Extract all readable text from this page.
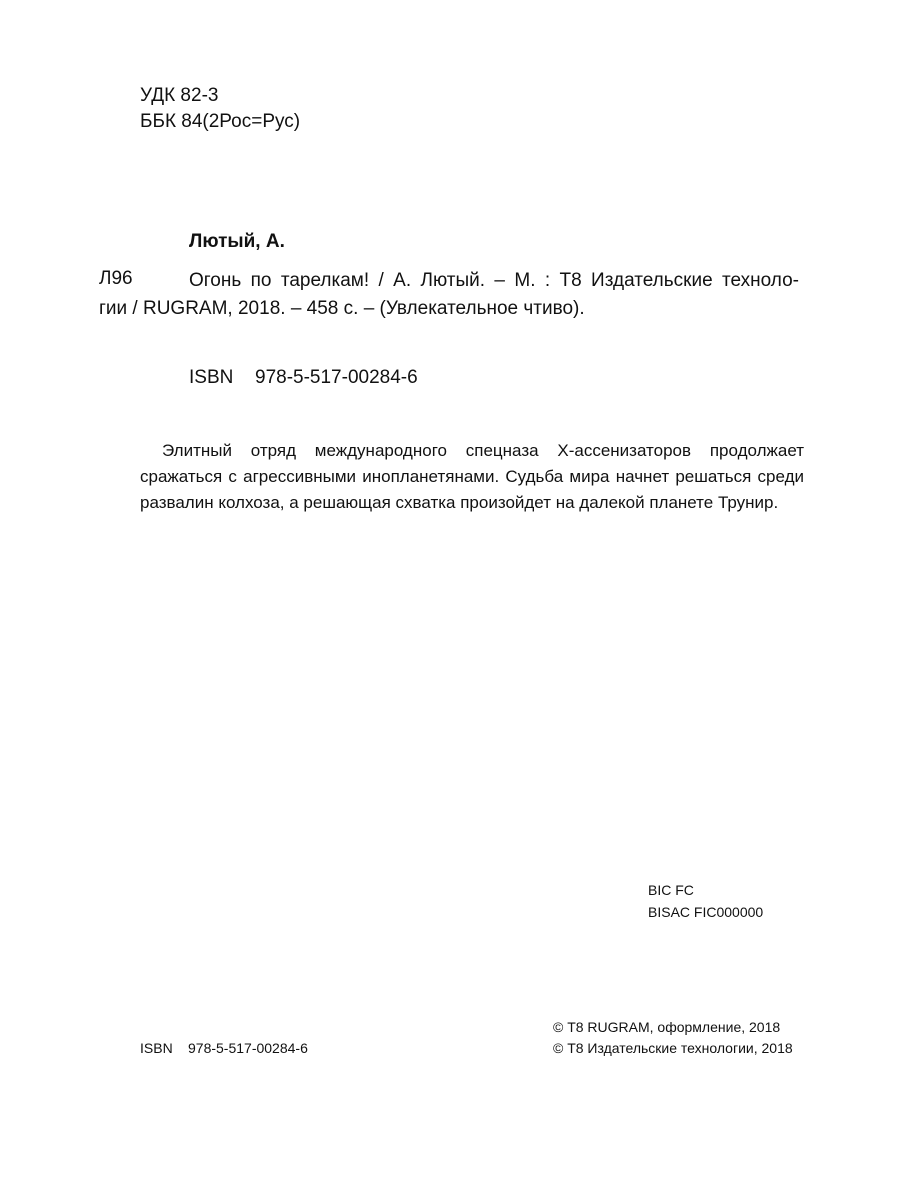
УДК 82-3
ББК 84(2Рос=Рус)
Лютый, А.
Л96	Огонь по тарелкам! / А. Лютый. – М. : Т8 Издательские техноло-
гии / RUGRAM, 2018. – 458 с. – (Увлекательное чтиво).
ISBN 978-5-517-00284-6
Элитный отряд международного спецназа Х-ассенизаторов продолжает сражаться с агрессивными инопланетянами. Судьба мира начнет решаться среди развалин колхоза, а решающая схватка произойдет на далекой планете Трунир.
BIC FC
BISAC FIC000000
© Т8 RUGRAM, оформление, 2018
© Т8 Издательские технологии, 2018
ISBN 978-5-517-00284-6
